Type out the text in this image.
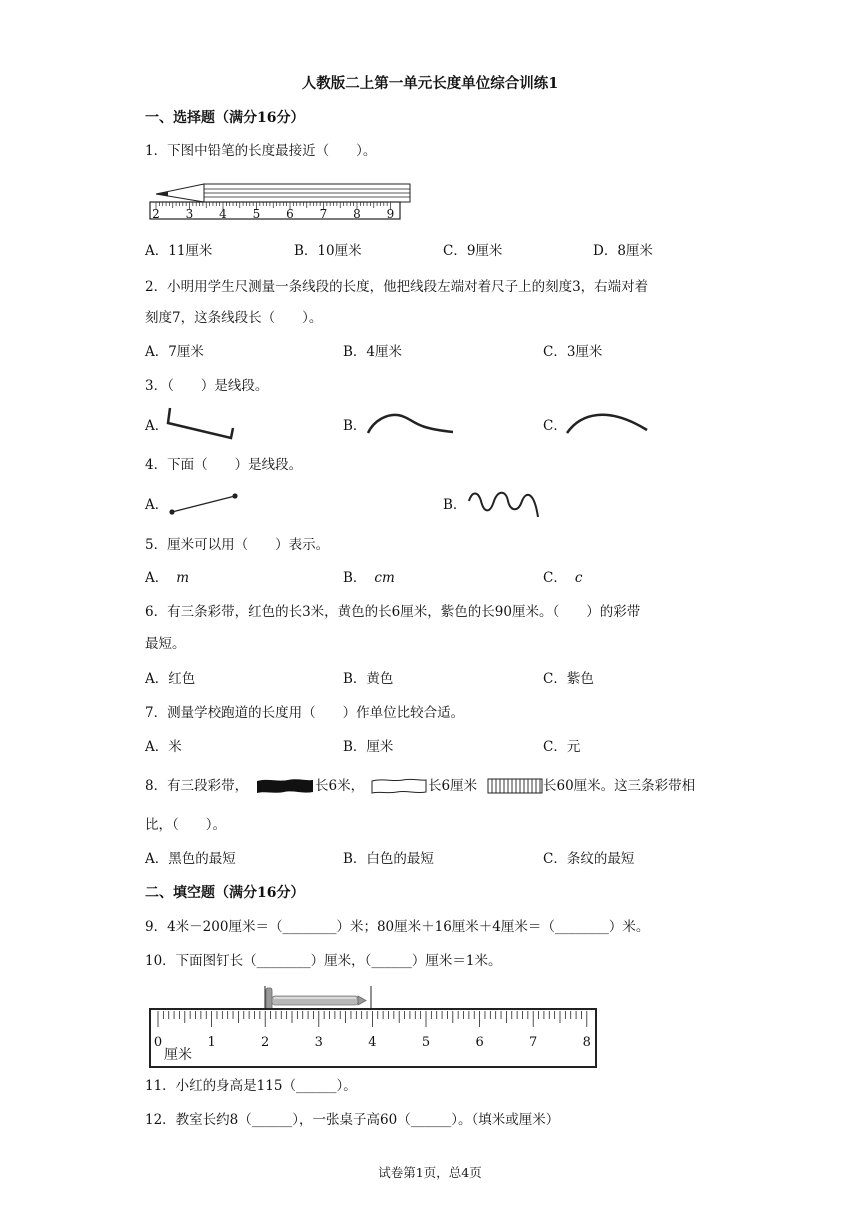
人教版二上第一单元长度单位综合训练1
一、选择题（满分16分）
1．下图中铅笔的长度最接近（　　）。
2 3 4 5 6 7 8 9
A．11厘米	B．10厘米	C．9厘米	D．8厘米
2．小明用学生尺测量一条线段的长度，他把线段左端对着尺子上的刻度3，右端对着
刻度7，这条线段长（　　）。
A．7厘米	B．4厘米	C．3厘米
3．（　　）是线段。
A．	B．	C．
4．下面（　　）是线段。
A．	B．
5．厘米可以用（　　）表示。
A． m	B． cm	C． c
6．有三条彩带，红色的长3米，黄色的长6厘米，紫色的长90厘米。（　　）的彩带
最短。
A．红色	B．黄色	C．紫色
7．测量学校跑道的长度用（　　）作单位比较合适。
A．米	B．厘米	C．元
8．有三段彩带，	长6米，	长6厘米	长60厘米。这三条彩带相
比，（　　）。
A．黑色的最短	B．白色的最短	C．条纹的最短
二、填空题（满分16分）
9．4米－200厘米＝（________）米；80厘米＋16厘米＋4厘米＝（________）米。
10．下面图钉长（________）厘米，（______）厘米＝1米。
0	1	2	3	4	5	6	7	8
厘米
11．小红的身高是115（______）。
12．教室长约8（______），一张桌子高60（______）。（填米或厘米）
试卷第1页，总4页
